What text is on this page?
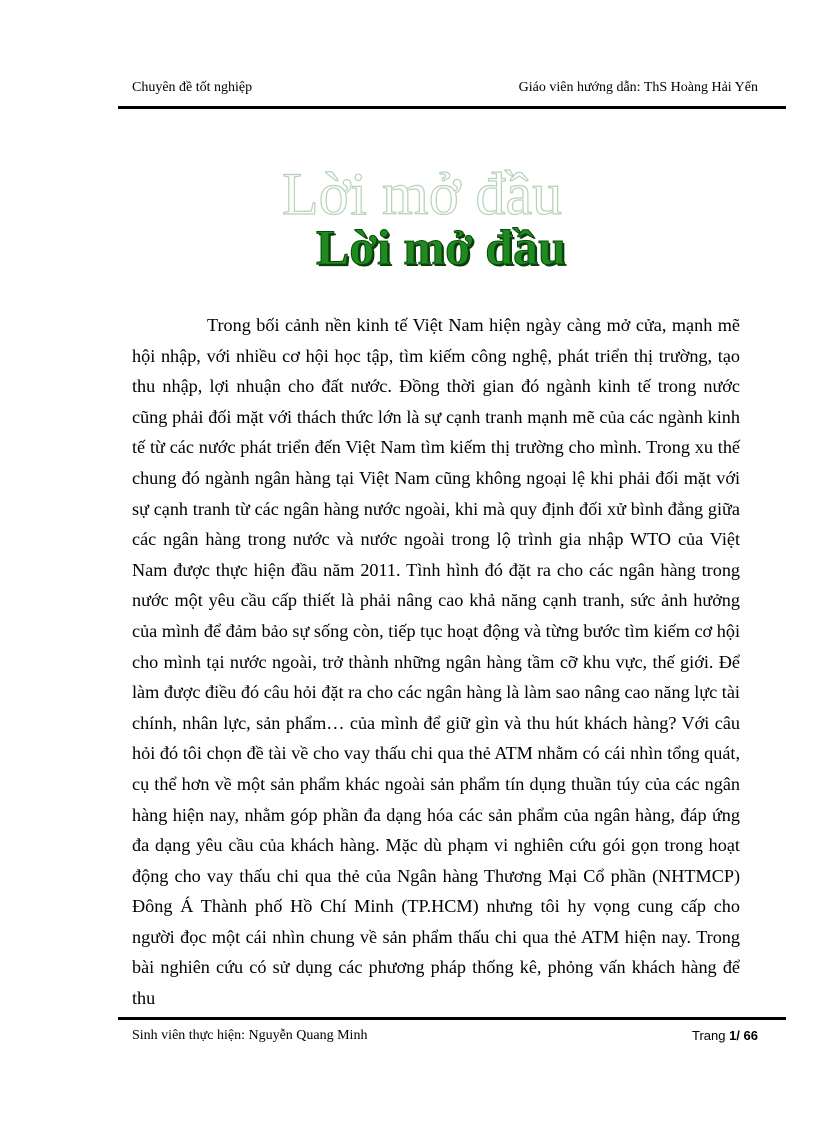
Chuyên đề tốt nghiệp	Giáo viên hướng dẫn: ThS Hoàng Hải Yến
Lời mở đầu
Lời mở đầu

Trong bối cảnh nền kinh tế Việt Nam hiện ngày càng mở cửa, mạnh mẽ hội nhập, với nhiều cơ hội học tập, tìm kiếm công nghệ, phát triển thị trường, tạo thu nhập, lợi nhuận cho đất nước. Đồng thời gian đó ngành kinh tế trong nước cũng phải đối mặt với thách thức lớn là sự cạnh tranh mạnh mẽ của các ngành kinh tế từ các nước phát triển đến Việt Nam tìm kiếm thị trường cho mình. Trong xu thế chung đó ngành ngân hàng tại Việt Nam cũng không ngoại lệ khi phải đối mặt với sự cạnh tranh từ các ngân hàng nước ngoài, khi mà quy định đối xử bình đẳng giữa các ngân hàng trong nước và nước ngoài trong lộ trình gia nhập WTO của Việt Nam được thực hiện đầu năm 2011. Tình hình đó đặt ra cho các ngân hàng trong nước một yêu cầu cấp thiết là phải nâng cao khả năng cạnh tranh, sức ảnh hưởng của mình để đảm bảo sự sống còn, tiếp tục hoạt động và từng bước tìm kiếm cơ hội cho mình tại nước ngoài, trở thành những ngân hàng tầm cỡ khu vực, thế giới. Để làm được điều đó câu hỏi đặt ra cho các ngân hàng là làm sao nâng cao năng lực tài chính, nhân lực, sản phẩm… của mình để giữ gìn và thu hút khách hàng? Với câu hỏi đó tôi chọn đề tài về cho vay thấu chi qua thẻ ATM nhằm có cái nhìn tổng quát, cụ thể hơn về một sản phẩm khác ngoài sản phẩm tín dụng thuần túy của các ngân hàng hiện nay, nhằm góp phần đa dạng hóa các sản phẩm của ngân hàng, đáp ứng đa dạng yêu cầu của khách hàng. Mặc dù phạm vi nghiên cứu gói gọn trong hoạt động cho vay thấu chi qua thẻ của Ngân hàng Thương Mại Cổ phần (NHTMCP) Đông Á Thành phố Hồ Chí Minh (TP.HCM) nhưng tôi hy vọng cung cấp cho người đọc một cái nhìn chung về sản phẩm thấu chi qua thẻ ATM hiện nay. Trong bài nghiên cứu có sử dụng các phương pháp thống kê, phỏng vấn khách hàng để thu

Sinh viên thực hiện: Nguyễn Quang Minh	Trang 1/ 66
